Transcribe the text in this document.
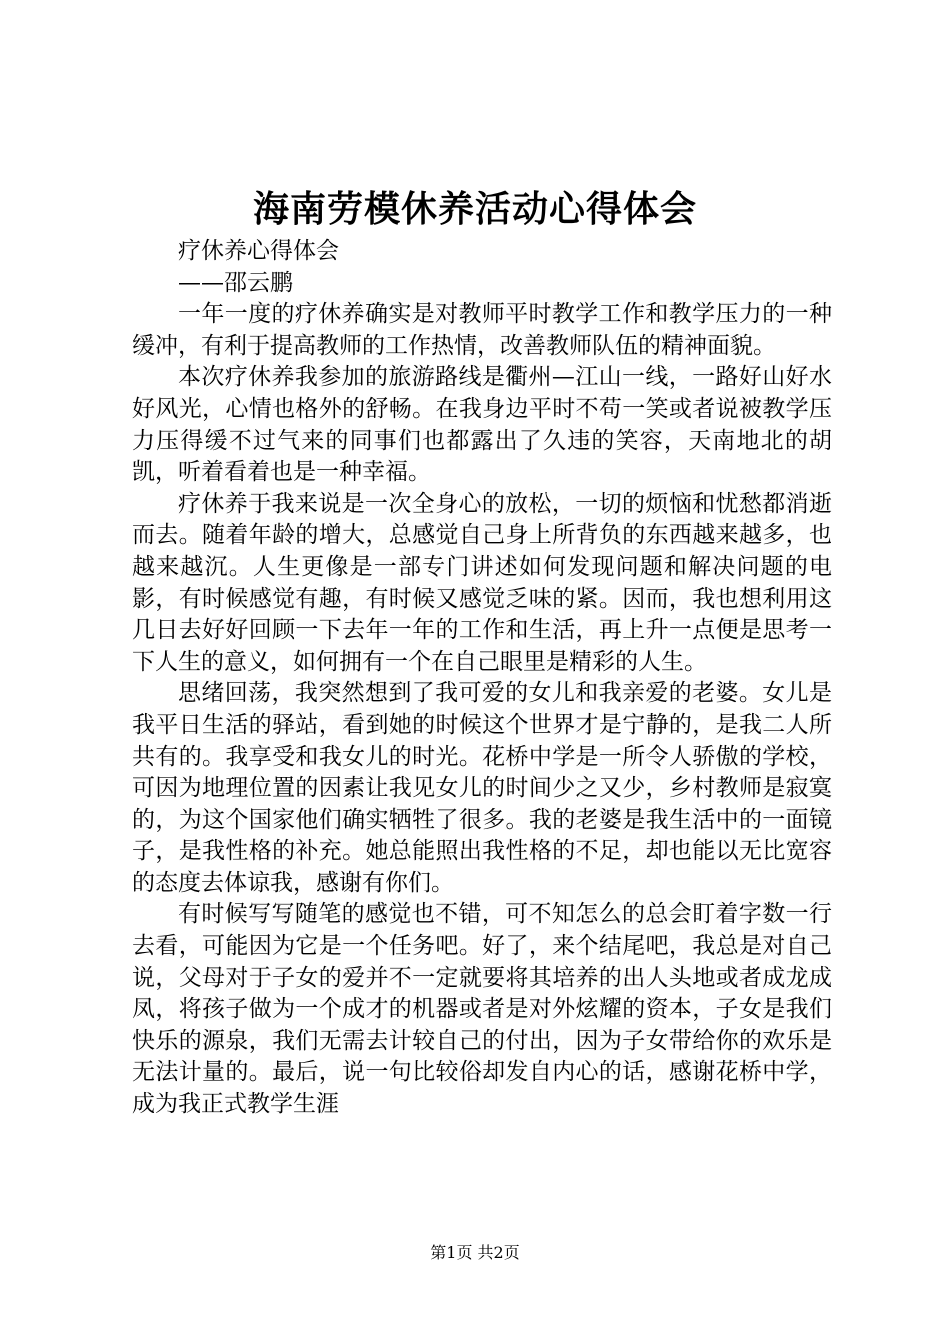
海南劳模休养活动心得体会

疗休养心得体会

——邵云鹏

一年一度的疗休养确实是对教师平时教学工作和教学压力的一种缓冲，有利于提高教师的工作热情，改善教师队伍的精神面貌。

本次疗休养我参加的旅游路线是衢州—江山一线，一路好山好水好风光，心情也格外的舒畅。在我身边平时不苟一笑或者说被教学压力压得缓不过气来的同事们也都露出了久违的笑容，天南地北的胡凯，听着看着也是一种幸福。

疗休养于我来说是一次全身心的放松，一切的烦恼和忧愁都消逝而去。随着年龄的增大，总感觉自己身上所背负的东西越来越多，也越来越沉。人生更像是一部专门讲述如何发现问题和解决问题的电影，有时候感觉有趣，有时候又感觉乏味的紧。因而，我也想利用这几日去好好回顾一下去年一年的工作和生活，再上升一点便是思考一下人生的意义，如何拥有一个在自己眼里是精彩的人生。

思绪回荡，我突然想到了我可爱的女儿和我亲爱的老婆。女儿是我平日生活的驿站，看到她的时候这个世界才是宁静的，是我二人所共有的。我享受和我女儿的时光。花桥中学是一所令人骄傲的学校，可因为地理位置的因素让我见女儿的时间少之又少，乡村教师是寂寞的，为这个国家他们确实牺牲了很多。我的老婆是我生活中的一面镜子，是我性格的补充。她总能照出我性格的不足，却也能以无比宽容的态度去体谅我，感谢有你们。

有时候写写随笔的感觉也不错，可不知怎么的总会盯着字数一行去看，可能因为它是一个任务吧。好了，来个结尾吧，我总是对自己说，父母对于子女的爱并不一定就要将其培养的出人头地或者成龙成凤，将孩子做为一个成才的机器或者是对外炫耀的资本，子女是我们快乐的源泉，我们无需去计较自己的付出，因为子女带给你的欢乐是无法计量的。最后，说一句比较俗却发自内心的话，感谢花桥中学，成为我正式教学生涯

第1页 共2页
